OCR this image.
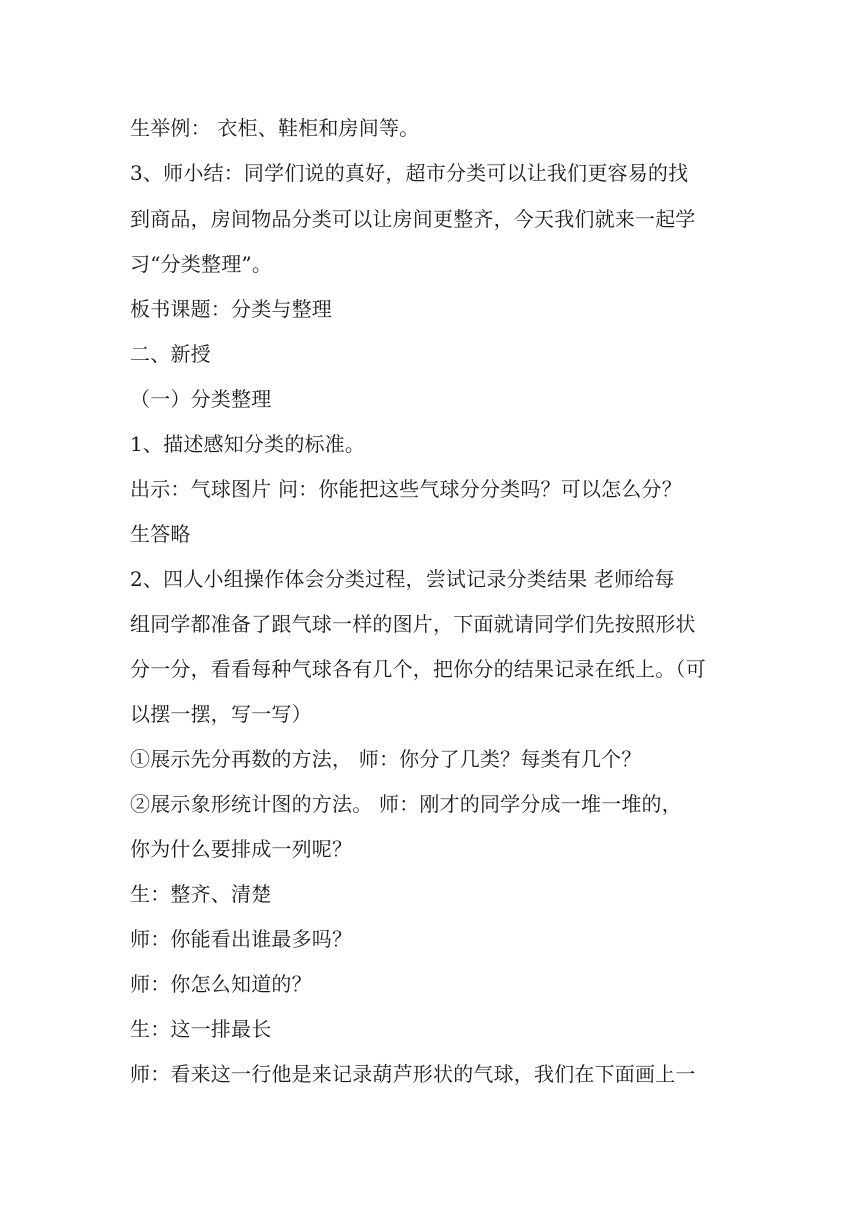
生举例： 衣柜、鞋柜和房间等。
3、师小结：同学们说的真好，超市分类可以让我们更容易的找
到商品，房间物品分类可以让房间更整齐，今天我们就来一起学
习“分类整理”。
板书课题：分类与整理
二、新授
（一）分类整理
1、描述感知分类的标准。
出示：气球图片 问：你能把这些气球分分类吗？可以怎么分？
生答略
2、四人小组操作体会分类过程，尝试记录分类结果 老师给每
组同学都准备了跟气球一样的图片，下面就请同学们先按照形状
分一分，看看每种气球各有几个，把你分的结果记录在纸上。（可
以摆一摆，写一写）
①展示先分再数的方法， 师：你分了几类？每类有几个？
②展示象形统计图的方法。 师：刚才的同学分成一堆一堆的，
你为什么要排成一列呢？
生：整齐、清楚
师：你能看出谁最多吗？
师：你怎么知道的？
生：这一排最长
师：看来这一行他是来记录葫芦形状的气球，我们在下面画上一
